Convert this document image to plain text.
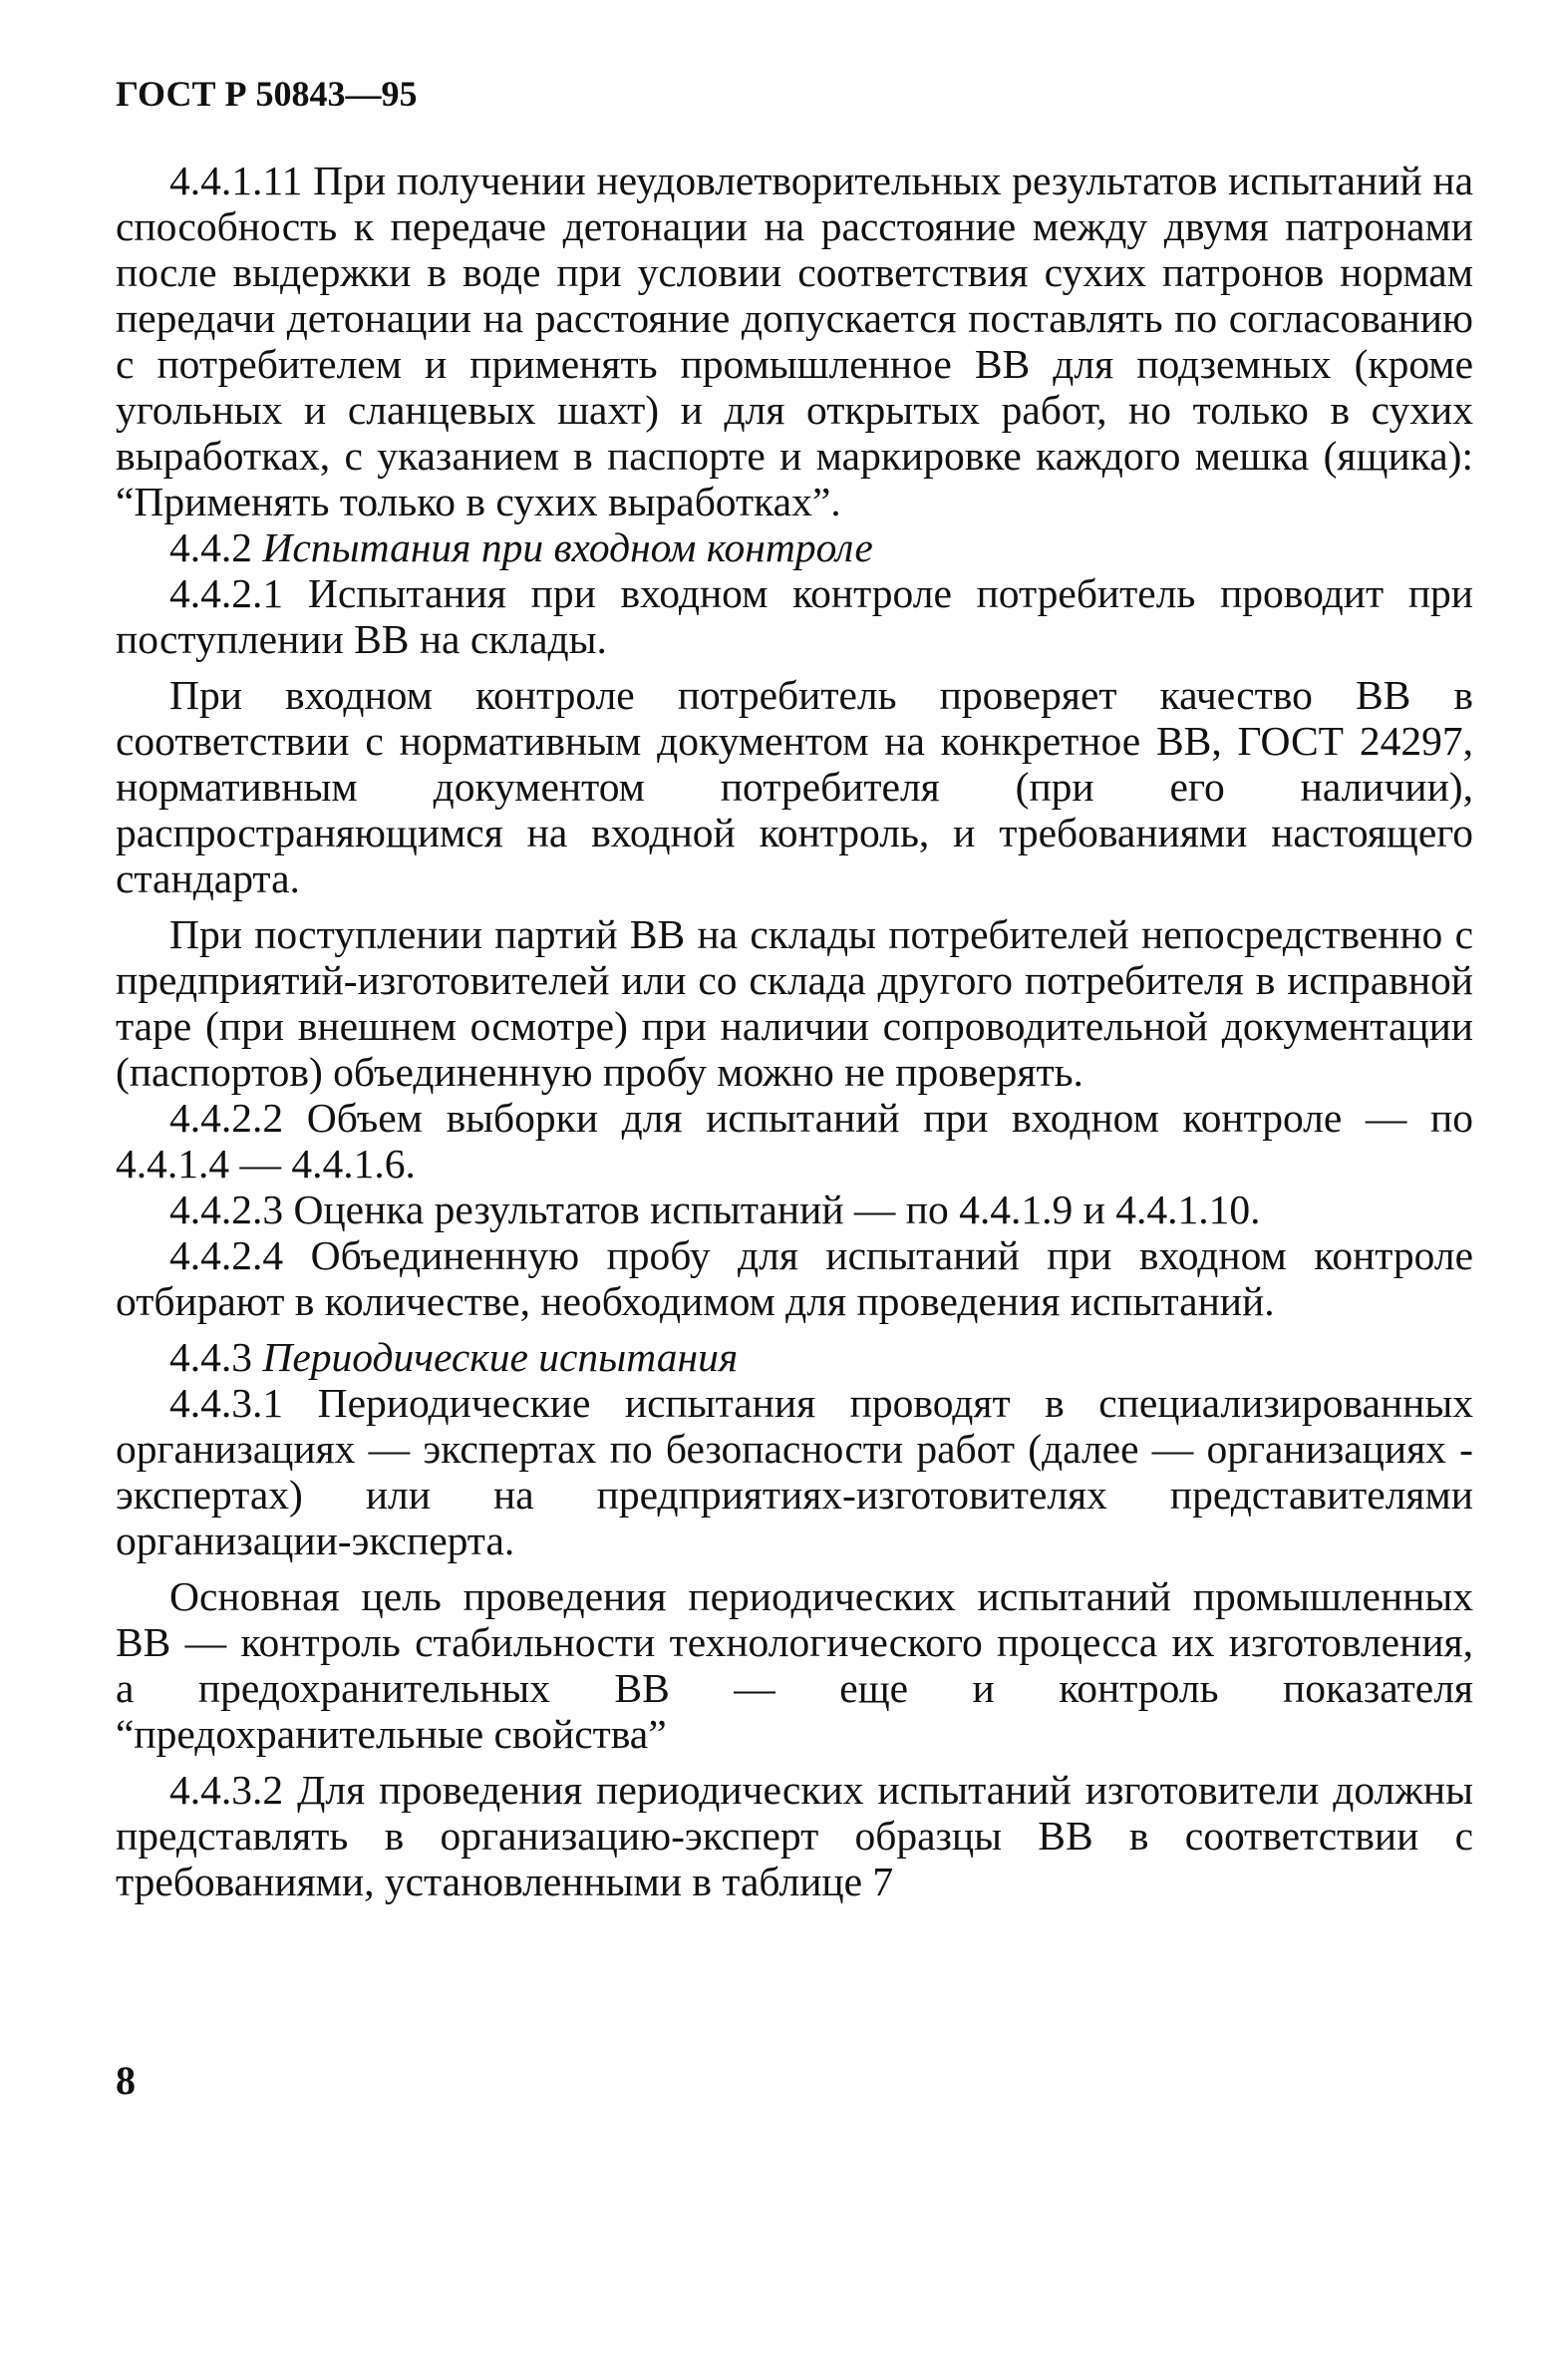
ГОСТ Р 50843—95

4.4.1.11 При получении неудовлетворительных результатов испытаний на способность к передаче детонации на расстояние между двумя патронами после выдержки в воде при условии соответствия сухих патронов нормам передачи детонации на расстояние допускается поставлять по согласованию с потребителем и применять промышленное ВВ для подземных (кроме угольных и сланцевых шахт) и для открытых работ, но только в сухих выработках, с указанием в паспорте и маркировке каждого мешка (ящика): “Применять только в сухих выработках”.

4.4.2 Испытания при входном контроле

4.4.2.1 Испытания при входном контроле потребитель проводит при поступлении ВВ на склады.

При входном контроле потребитель проверяет качество ВВ в соответствии с нормативным документом на конкретное ВВ, ГОСТ 24297, нормативным документом потребителя (при его наличии), распространяющимся на входной контроль, и требованиями настоящего стандарта.

При поступлении партий ВВ на склады потребителей непосредственно с предприятий-изготовителей или со склада другого потребителя в исправной таре (при внешнем осмотре) при наличии сопроводительной документации (паспортов) объединенную пробу можно не проверять.

4.4.2.2 Объем выборки для испытаний при входном контроле — по 4.4.1.4 — 4.4.1.6.

4.4.2.3 Оценка результатов испытаний — по 4.4.1.9 и 4.4.1.10.

4.4.2.4 Объединенную пробу для испытаний при входном контроле отбирают в количестве, необходимом для проведения испытаний.

4.4.3 Периодические испытания

4.4.3.1 Периодические испытания проводят в специализированных организациях — экспертах по безопасности работ (далее — организациях - экспертах) или на предприятиях-изготовителях представителями организации-эксперта.

Основная цель проведения периодических испытаний промышленных ВВ — контроль стабильности технологического процесса их изготовления, а предохранительных ВВ — еще и контроль показателя “предохранительные свойства”

4.4.3.2 Для проведения периодических испытаний изготовители должны представлять в организацию-эксперт образцы ВВ в соответствии с требованиями, установленными в таблице 7

8
